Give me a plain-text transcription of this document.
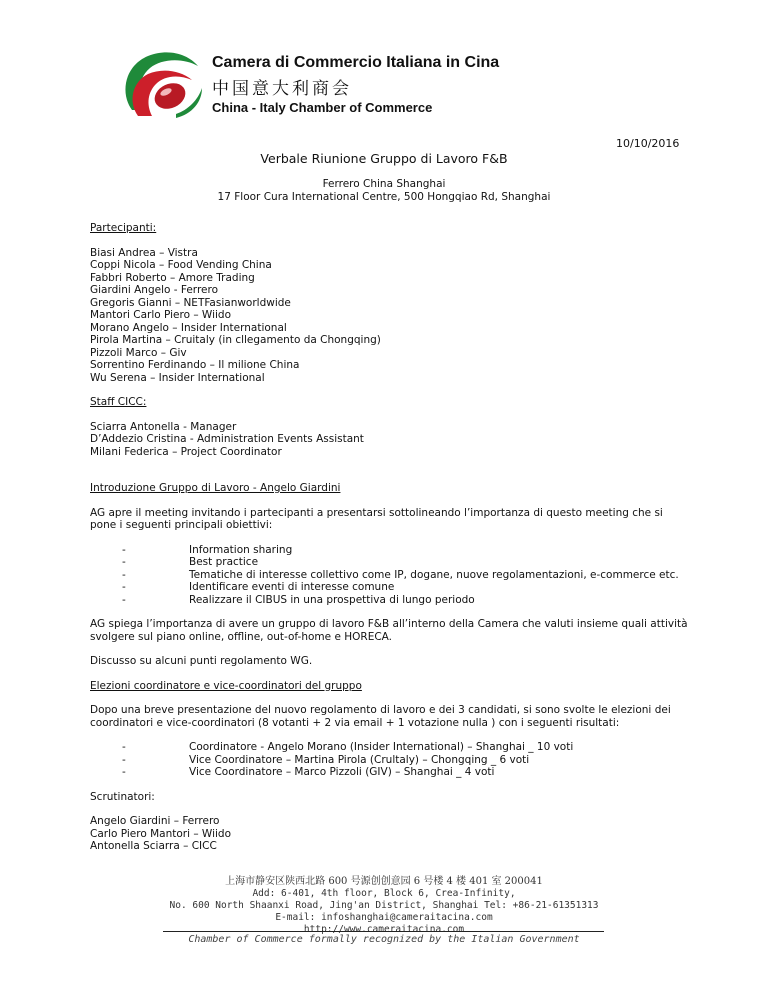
Camera di Commercio Italiana in Cina
中国意大利商会
China - Italy Chamber of Commerce
10/10/2016
Verbale Riunione Gruppo di Lavoro F&B
Ferrero China Shanghai
17 Floor Cura International Centre, 500 Hongqiao Rd, Shanghai
Partecipanti:
Biasi Andrea – Vistra
Coppi Nicola – Food Vending China
Fabbri Roberto – Amore Trading
Giardini Angelo - Ferrero
Gregoris Gianni – NETFasianworldwide
Mantori Carlo Piero – Wiido
Morano Angelo – Insider International
Pirola Martina – Cruitaly (in cllegamento da Chongqing)
Pizzoli Marco – Giv
Sorrentino Ferdinando – Il milione China
Wu Serena – Insider International
Staff CICC:
Sciarra Antonella - Manager
D’Addezio Cristina - Administration Events Assistant
Milani Federica – Project Coordinator
Introduzione Gruppo di Lavoro - Angelo Giardini
AG apre il meeting invitando i partecipanti a presentarsi sottolineando l’importanza di questo meeting che si pone i seguenti principali obiettivi:
- Information sharing
- Best practice
- Tematiche di interesse collettivo come IP, dogane, nuove regolamentazioni, e-commerce etc.
- Identificare eventi di interesse comune
- Realizzare il CIBUS in una prospettiva di lungo periodo
AG spiega l’importanza di avere un gruppo di lavoro F&B all’interno della Camera che valuti insieme quali attività svolgere sul piano online, offline, out-of-home e HORECA.
Discusso su alcuni punti regolamento WG.
Elezioni coordinatore e vice-coordinatori del gruppo
Dopo una breve presentazione del nuovo regolamento di lavoro e dei 3 candidati, si sono svolte le elezioni dei coordinatori e vice-coordinatori (8 votanti + 2 via email + 1 votazione nulla ) con i seguenti risultati:
- Coordinatore - Angelo Morano (Insider International) – Shanghai _ 10 voti
- Vice Coordinatore – Martina Pirola (Crultaly) – Chongqing _ 6 voti
- Vice Coordinatore – Marco Pizzoli (GIV) – Shanghai _ 4 voti
Scrutinatori:
Angelo Giardini – Ferrero
Carlo Piero Mantori – Wiido
Antonella Sciarra – CICC
上海市静安区陕西北路 600 号源创创意园 6 号楼 4 楼 401 室 200041
Add: 6-401, 4th floor, Block 6, Crea-Infinity,
No. 600 North Shaanxi Road, Jing'an District, Shanghai Tel: +86-21-61351313
E-mail: infoshanghai@cameraitacina.com
http://www.cameraitacina.com
Chamber of Commerce formally recognized by the Italian Government
